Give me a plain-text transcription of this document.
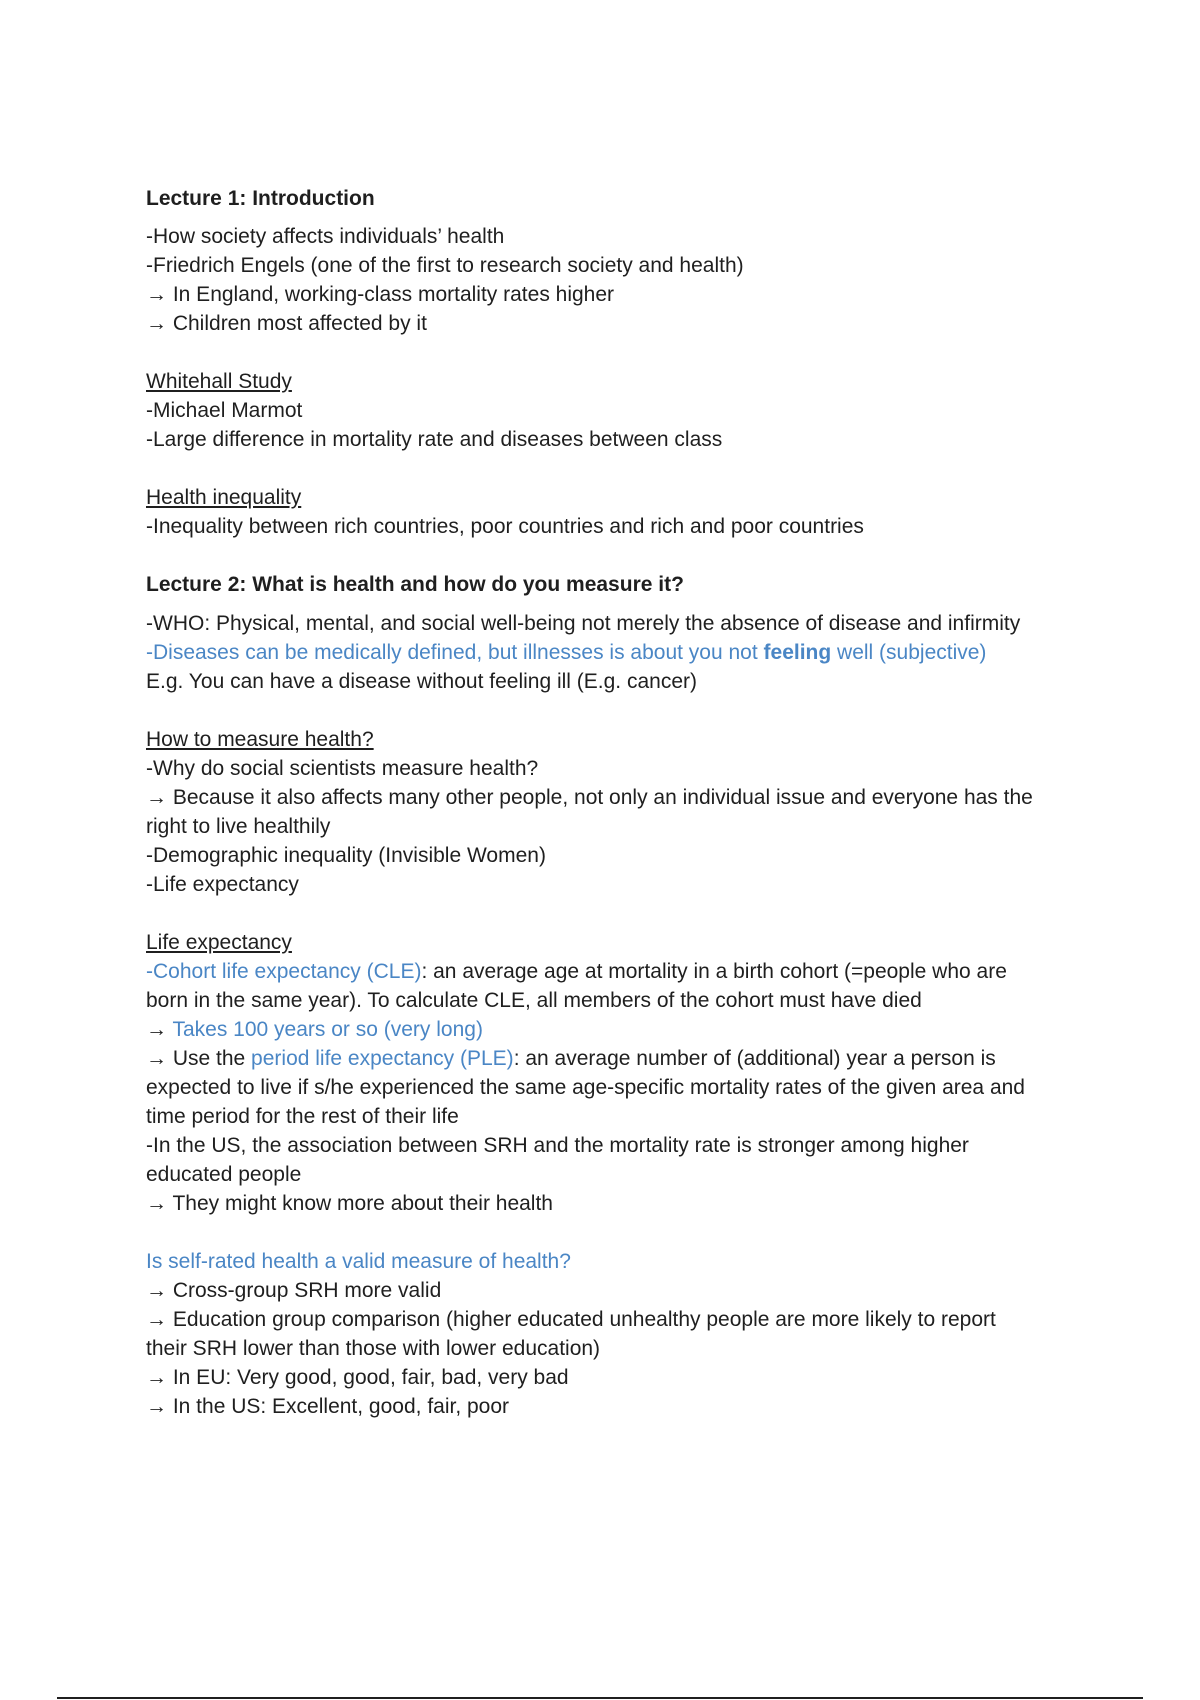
Lecture 1: Introduction

-How society affects individuals’ health

-Friedrich Engels (one of the first to research society and health)

→ In England, working-class mortality rates higher

→ Children most affected by it

Whitehall Study

-Michael Marmot

-Large difference in mortality rate and diseases between class

Health inequality

-Inequality between rich countries, poor countries and rich and poor countries

Lecture 2: What is health and how do you measure it?

-WHO: Physical, mental, and social well-being not merely the absence of disease and infirmity

-Diseases can be medically defined, but illnesses is about you not feeling well (subjective)

E.g. You can have a disease without feeling ill (E.g. cancer)

How to measure health?

-Why do social scientists measure health?

→ Because it also affects many other people, not only an individual issue and everyone has the

right to live healthily

-Demographic inequality (Invisible Women)

-Life expectancy

Life expectancy

-Cohort life expectancy (CLE): an average age at mortality in a birth cohort (=people who are

born in the same year). To calculate CLE, all members of the cohort must have died

→ Takes 100 years or so (very long)

→ Use the period life expectancy (PLE): an average number of (additional) year a person is

expected to live if s/he experienced the same age-specific mortality rates of the given area and

time period for the rest of their life

-In the US, the association between SRH and the mortality rate is stronger among higher

educated people

→ They might know more about their health

Is self-rated health a valid measure of health?

→ Cross-group SRH more valid

→ Education group comparison (higher educated unhealthy people are more likely to report

their SRH lower than those with lower education)

→ In EU: Very good, good, fair, bad, very bad

→ In the US: Excellent, good, fair, poor
